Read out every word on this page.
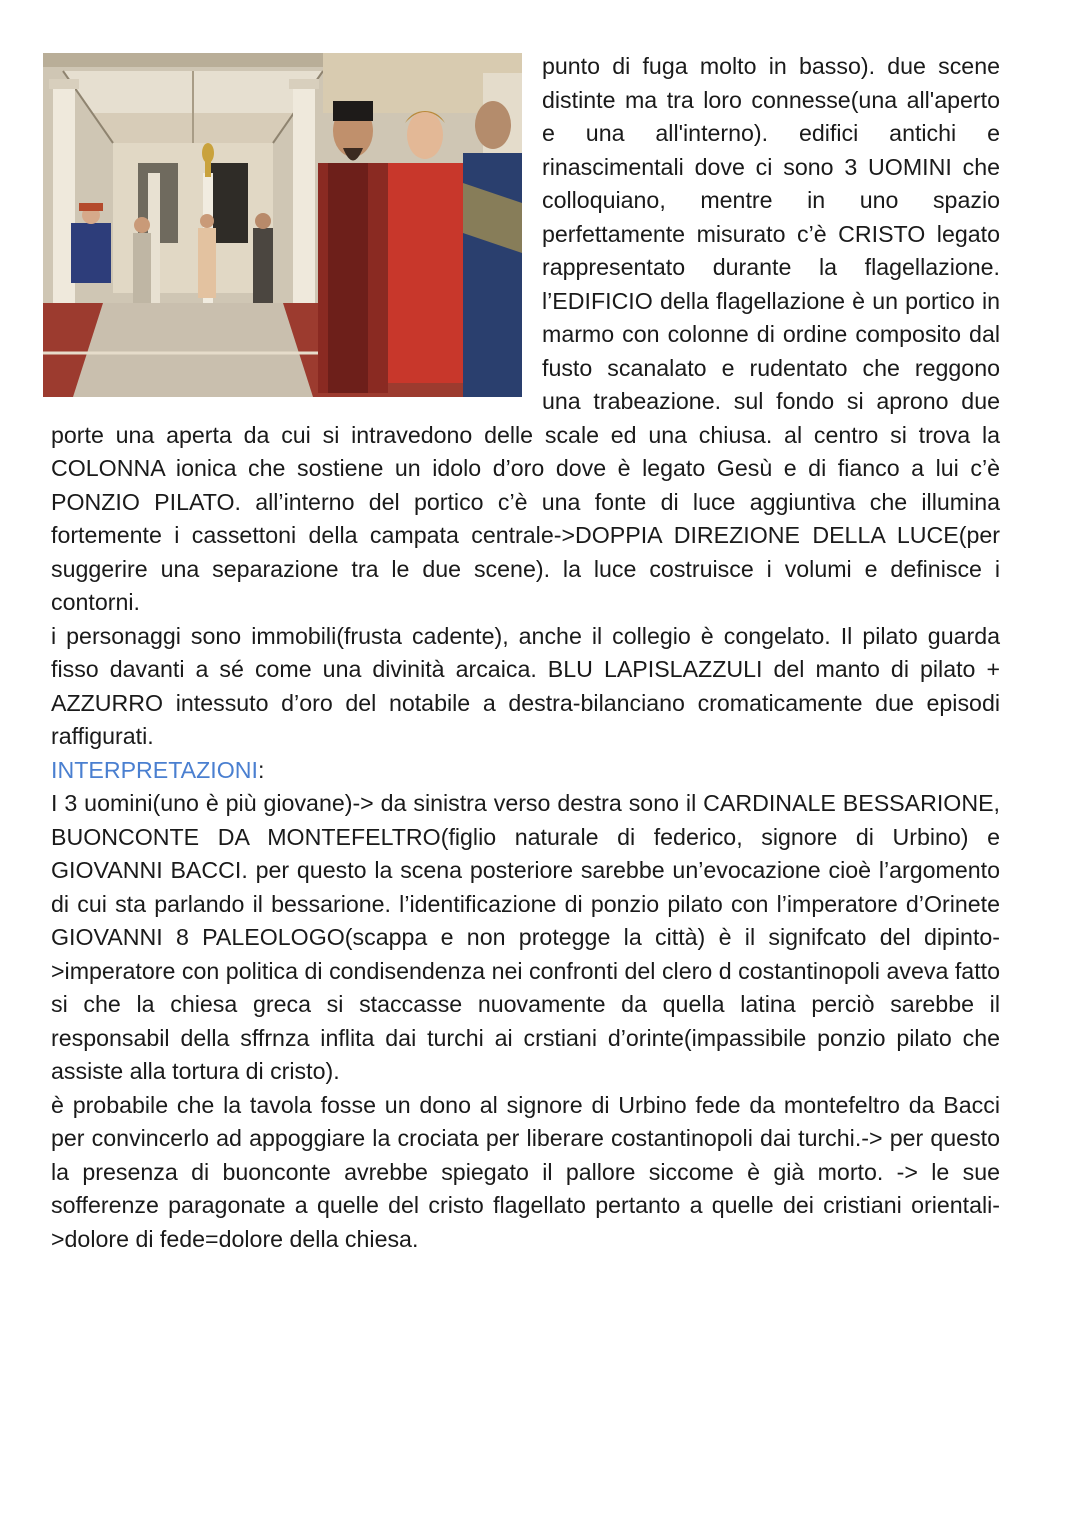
punto di fuga molto in basso). due scene distinte ma tra loro connesse(una all'aperto e una all'interno). edifici antichi e rinascimentali dove ci sono 3 UOMINI che colloquiano, mentre in uno spazio perfettamente misurato c’è CRISTO legato rappresentato durante la flagellazione. l’EDIFICIO della flagellazione è un portico in marmo con colonne di ordine composito dal fusto scanalato e rudentato che reggono una trabeazione. sul fondo si aprono due porte una aperta da cui si intravedono delle scale ed una chiusa. al centro si trova la COLONNA ionica che sostiene un idolo d’oro dove è legato Gesù e di fianco a lui c’è PONZIO PILATO. all’interno del portico c’è una fonte di luce aggiuntiva che illumina fortemente i cassettoni della campata centrale->DOPPIA DIREZIONE DELLA LUCE(per suggerire una separazione tra le due scene). la luce costruisce i volumi e definisce i contorni.

i personaggi sono immobili(frusta cadente), anche il collegio è congelato. Il pilato guarda fisso davanti a sé come una divinità arcaica. BLU LAPISLAZZULI del manto di pilato + AZZURRO intessuto d’oro del notabile a destra-bilanciano cromaticamente due episodi raffigurati.

INTERPRETAZIONI:

I 3 uomini(uno è più giovane)-> da sinistra verso destra sono il CARDINALE BESSARIONE, BUONCONTE DA MONTEFELTRO(figlio naturale di federico, signore di Urbino) e GIOVANNI BACCI. per questo la scena posteriore sarebbe un’evocazione cioè l’argomento di cui sta parlando il bessarione. l’identificazione di ponzio pilato con l’imperatore d’Orinete GIOVANNI 8 PALEOLOGO(scappa e non protegge la città) è il signifcato del dipinto->imperatore con politica di condisendenza nei confronti del clero d costantinopoli aveva fatto si che la chiesa greca si staccasse nuovamente da quella latina perciò sarebbe il responsabil della sffrnza inflita dai turchi ai crstiani d’orinte(impassibile ponzio pilato che assiste alla tortura di cristo).

è probabile che la tavola fosse un dono al signore di Urbino fede da montefeltro da Bacci per convincerlo ad appoggiare la crociata per liberare costantinopoli dai turchi.-> per questo la presenza di buonconte avrebbe spiegato il pallore siccome è già morto. -> le sue sofferenze paragonate a quelle del cristo flagellato pertanto a quelle dei cristiani orientali->dolore di fede=dolore della chiesa.
